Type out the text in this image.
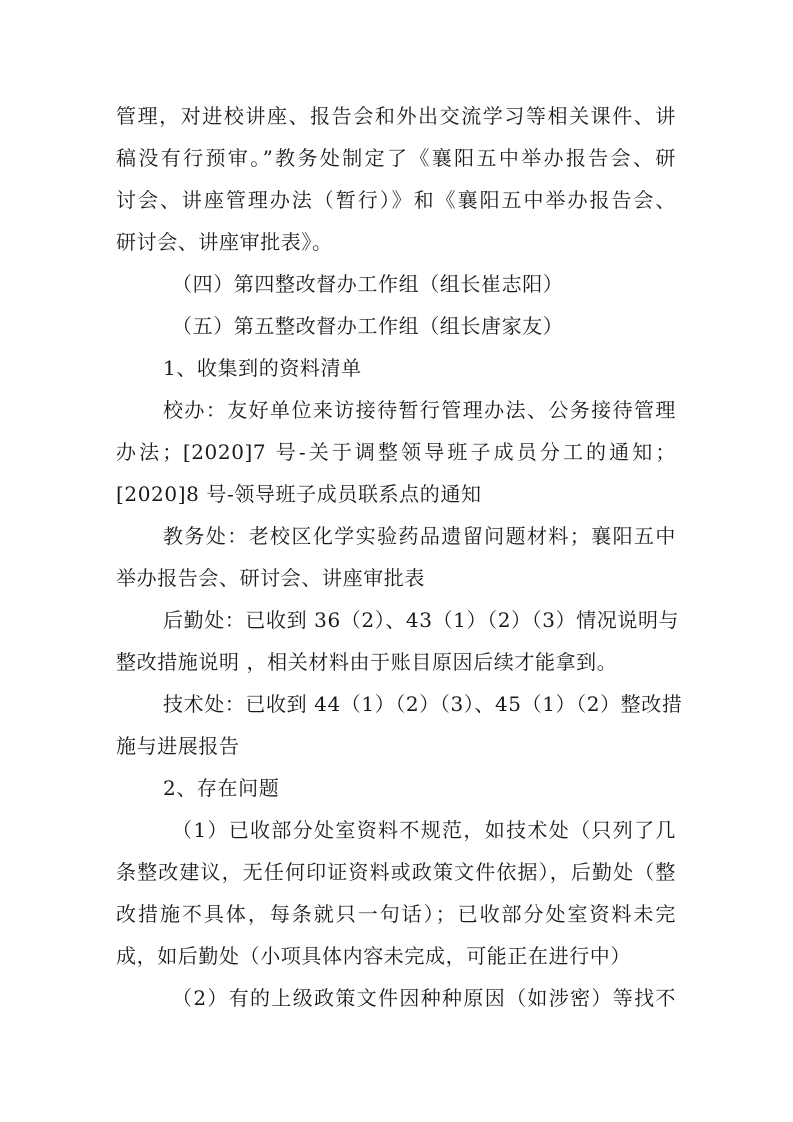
管理，对进校讲座、报告会和外出交流学习等相关课件、讲
稿没有行预审。”教务处制定了《襄阳五中举办报告会、研
讨会、讲座管理办法（暂行）》和《襄阳五中举办报告会、
研讨会、讲座审批表》。
（四）第四整改督办工作组（组长崔志阳）
（五）第五整改督办工作组（组长唐家友）
1、收集到的资料清单
校办：友好单位来访接待暂行管理办法、公务接待管理
办法；[2020]7 号-关于调整领导班子成员分工的通知；
[2020]8 号-领导班子成员联系点的通知
教务处：老校区化学实验药品遗留问题材料；襄阳五中
举办报告会、研讨会、讲座审批表
后勤处：已收到 36（2）、43（1）（2）（3）情况说明与
整改措施说明 ，相关材料由于账目原因后续才能拿到。
技术处：已收到 44（1）（2）（3）、45（1）（2）整改措
施与进展报告
2、存在问题
（1）已收部分处室资料不规范，如技术处（只列了几
条整改建议，无任何印证资料或政策文件依据），后勤处（整
改措施不具体，每条就只一句话）；已收部分处室资料未完
成，如后勤处（小项具体内容未完成，可能正在进行中）
（2）有的上级政策文件因种种原因（如涉密）等找不
